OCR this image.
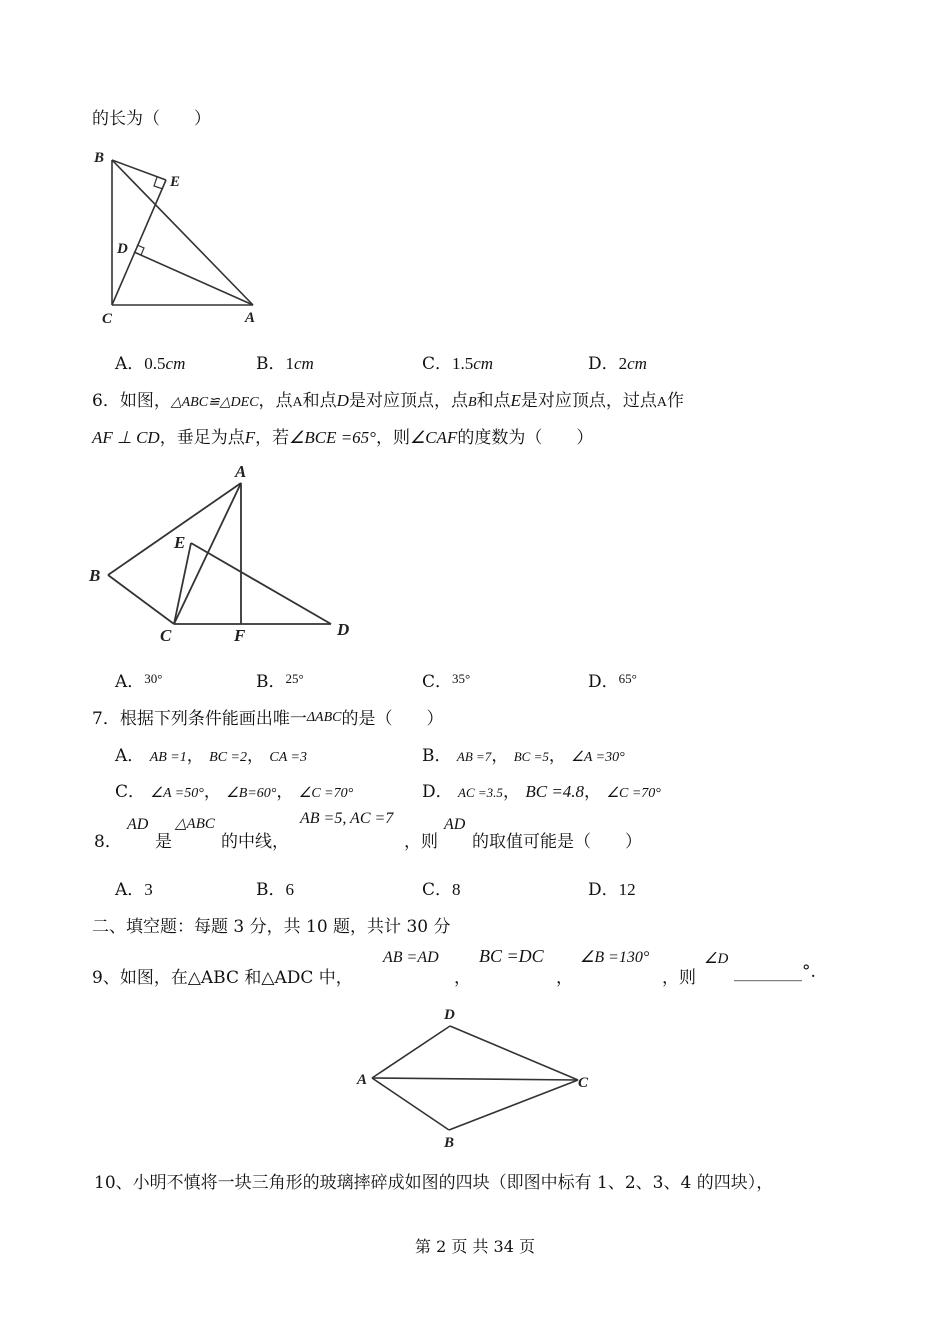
的长为（　　）
B
E
D
C	A
A．0.5cm	B．1cm	C．1.5cm	D．2cm
6．如图，△ABC≌△DEC，点A和点D是对应顶点，点B和点E是对应顶点，过点A作
AF ⊥ CD，垂足为点F，若∠BCE =65°，则∠CAF的度数为（　　）
A
E
B
C	F	D
A．$^{30^\circ}$	B．$^{25^\circ}$	C．$^{35^\circ}$	D．$^{65^\circ}$
7．根据下列条件能画出唯一ΔABC的是（　　）
A． AB =1， BC =2， CA =3	B． AB =7， BC =5， ∠A =30°
C． ∠A =50°， ∠B=60°， ∠C =70°	D． AC =3.5， BC =4.8， ∠C =70°
8．
AD
是
△ABC
的中线，
AB =5, AC =7
，则
AD
的取值可能是（　　）
A．3	B．6	C．8	D．12
二、填空题：每题 3 分，共 10 题，共计 30 分
9、如图，在△ABC 和△ADC 中，
AB =AD
，
BC =DC
，
∠B =130°
，则
∠D
________°.
D
A	C
B
10、小明不慎将一块三角形的玻璃摔碎成如图的四块（即图中标有 1、2、3、4 的四块），
第 2 页 共 34 页
